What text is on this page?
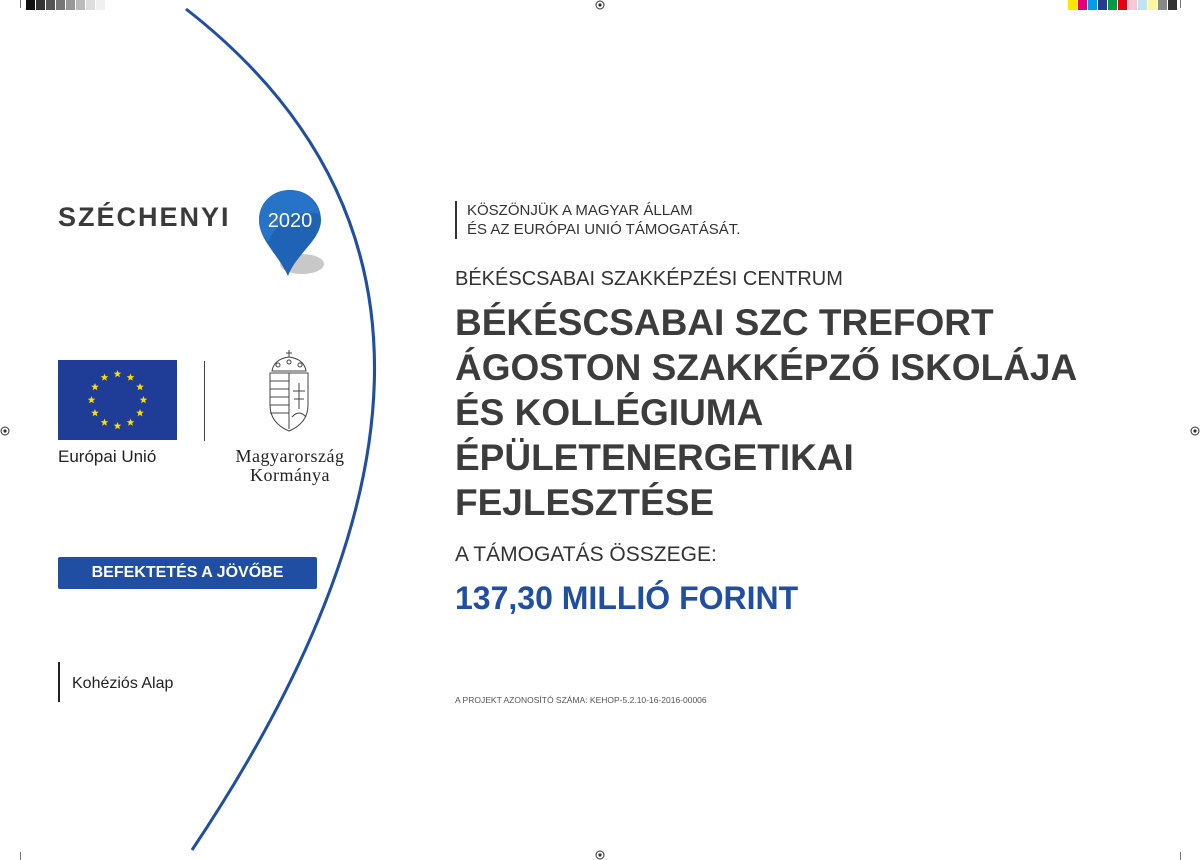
SZÉCHENYI 2020
Európai Unió	Magyarország
Kormánya
BEFEKTETÉS A JÖVŐBE
Kohéziós Alap
KÖSZÖNJÜK A MAGYAR ÁLLAM
ÉS AZ EURÓPAI UNIÓ TÁMOGATÁSÁT.
BÉKÉSCSABAI SZAKKÉPZÉSI CENTRUM
BÉKÉSCSABAI SZC TREFORT
ÁGOSTON SZAKKÉPZŐ ISKOLÁJA
ÉS KOLLÉGIUMA
ÉPÜLETENERGETIKAI
FEJLESZTÉSE
A TÁMOGATÁS ÖSSZEGE:
137,30 MILLIÓ FORINT
A PROJEKT AZONOSÍTÓ SZÁMA: KEHOP-5.2.10-16-2016-00006
